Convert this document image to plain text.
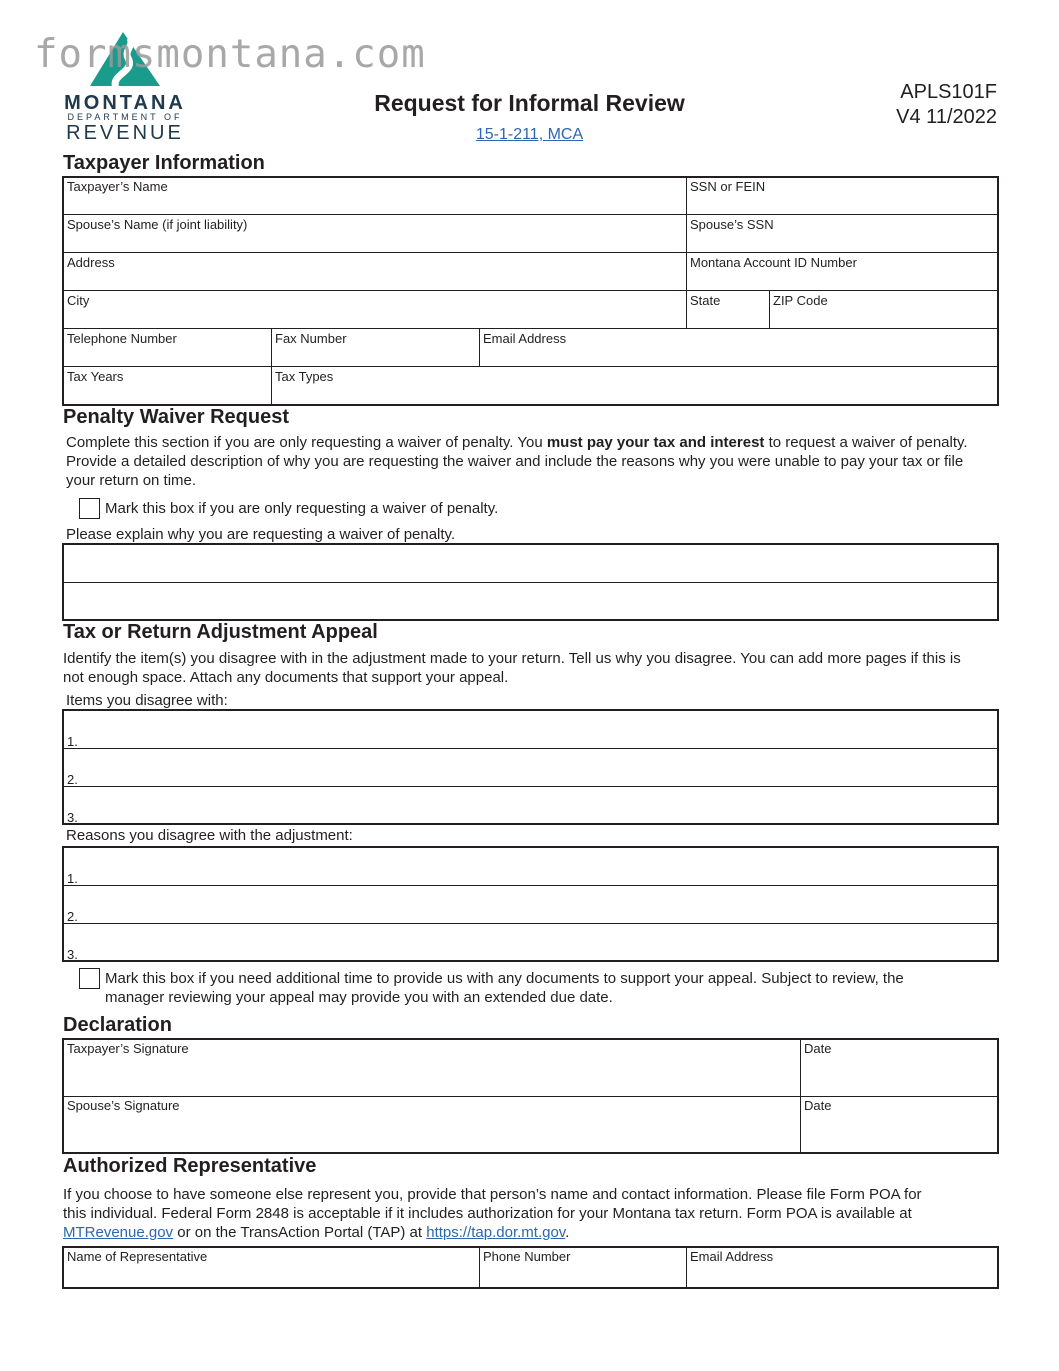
formsmontana.com
MONTANA
DEPARTMENT OF
REVENUE
Request for Informal Review
15-1-211, MCA
APLS101F
V4 11/2022
Taxpayer Information
Taxpayer’s Name	SSN or FEIN
Spouse’s Name (if joint liability)	Spouse’s SSN
Address	Montana Account ID Number
City	State	ZIP Code
Telephone Number	Fax Number	Email Address
Tax Years	Tax Types
Penalty Waiver Request
Complete this section if you are only requesting a waiver of penalty. You must pay your tax and interest to request a waiver of penalty.
Provide a detailed description of why you are requesting the waiver and include the reasons why you were unable to pay your tax or file
your return on time.
Mark this box if you are only requesting a waiver of penalty.
Please explain why you are requesting a waiver of penalty.
Tax or Return Adjustment Appeal
Identify the item(s) you disagree with in the adjustment made to your return. Tell us why you disagree. You can add more pages if this is
not enough space. Attach any documents that support your appeal.
Items you disagree with:
1.
2.
3.
Reasons you disagree with the adjustment:
1.
2.
3.
Mark this box if you need additional time to provide us with any documents to support your appeal. Subject to review, the
manager reviewing your appeal may provide you with an extended due date.
Declaration
Taxpayer’s Signature	Date
Spouse’s Signature	Date
Authorized Representative
If you choose to have someone else represent you, provide that person’s name and contact information. Please file Form POA for
this individual. Federal Form 2848 is acceptable if it includes authorization for your Montana tax return. Form POA is available at
MTRevenue.gov or on the TransAction Portal (TAP) at https://tap.dor.mt.gov.
Name of Representative	Phone Number	Email Address
